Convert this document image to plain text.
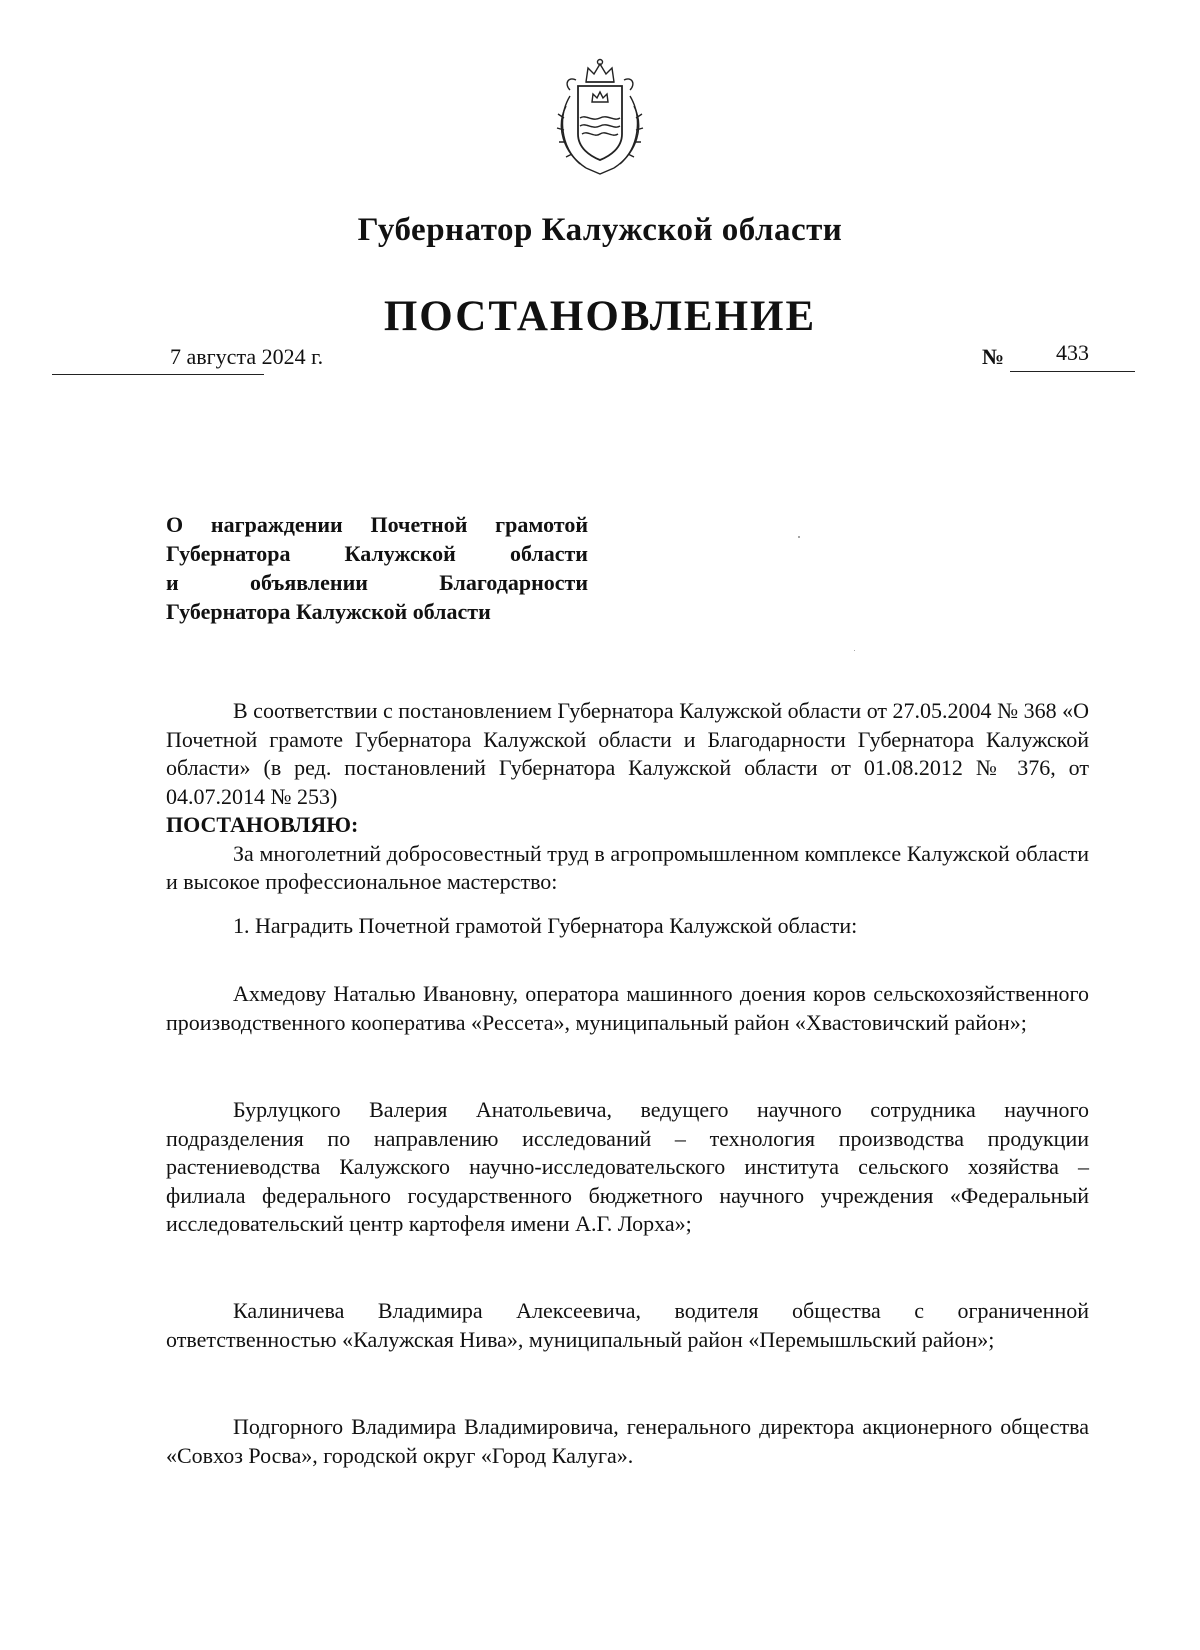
Губернатор Калужской области
ПОСТАНОВЛЕНИЕ
7 августа 2024 г.	№	433
О награждении Почетной грамотой
Губернатора Калужской области
и объявлении Благодарности
Губернатора Калужской области

В соответствии с постановлением Губернатора Калужской области от 27.05.2004 № 368 «О Почетной грамоте Губернатора Калужской области и Благодарности Губернатора Калужской области» (в ред. постановлений Губернатора Калужской области от 01.08.2012 № 376, от 04.07.2014 № 253)

ПОСТАНОВЛЯЮ:

За многолетний добросовестный труд в агропромышленном комплексе Калужской области и высокое профессиональное мастерство:

1. Наградить Почетной грамотой Губернатора Калужской области:

Ахмедову Наталью Ивановну, оператора машинного доения коров сельскохозяйственного производственного кооператива «Рессета», муниципальный район «Хвастовичский район»;

Бурлуцкого Валерия Анатольевича, ведущего научного сотрудника научного подразделения по направлению исследований – технология производства продукции растениеводства Калужского научно-исследовательского института сельского хозяйства – филиала федерального государственного бюджетного научного учреждения «Федеральный исследовательский центр картофеля имени А.Г. Лорха»;

Калиничева Владимира Алексеевича, водителя общества с ограниченной ответственностью «Калужская Нива», муниципальный район «Перемышльский район»;

Подгорного Владимира Владимировича, генерального директора акционерного общества «Совхоз Росва», городской округ «Город Калуга».
